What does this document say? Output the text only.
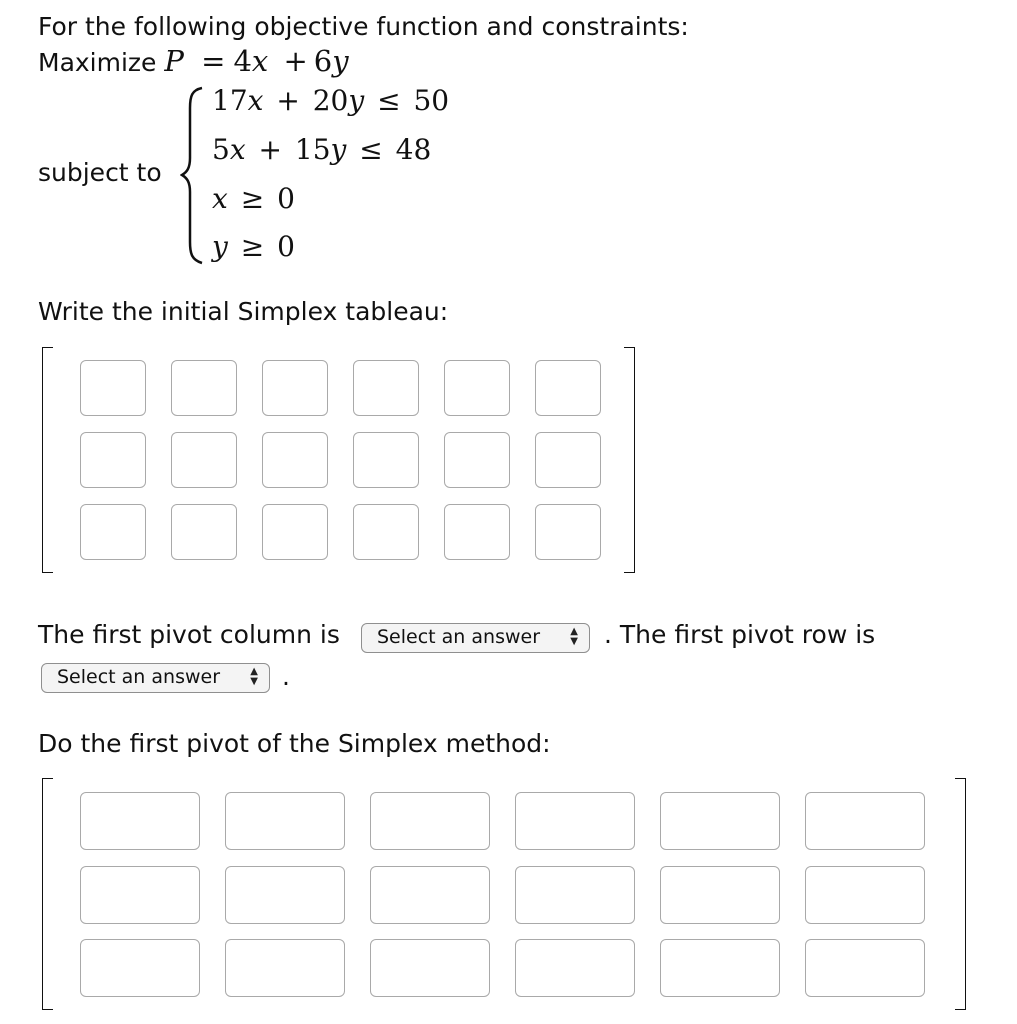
For the following objective function and constraints:
Maximize P = 4x + 6y
subject to
17x + 20y ≤ 50
5x + 15y ≤ 48
x ≥ 0
y ≥ 0
Write the initial Simplex tableau:
The first pivot column is	Select an answer	▲
▼ . The first pivot row is
Select an answer	▲
▼ .
Do the first pivot of the Simplex method:
